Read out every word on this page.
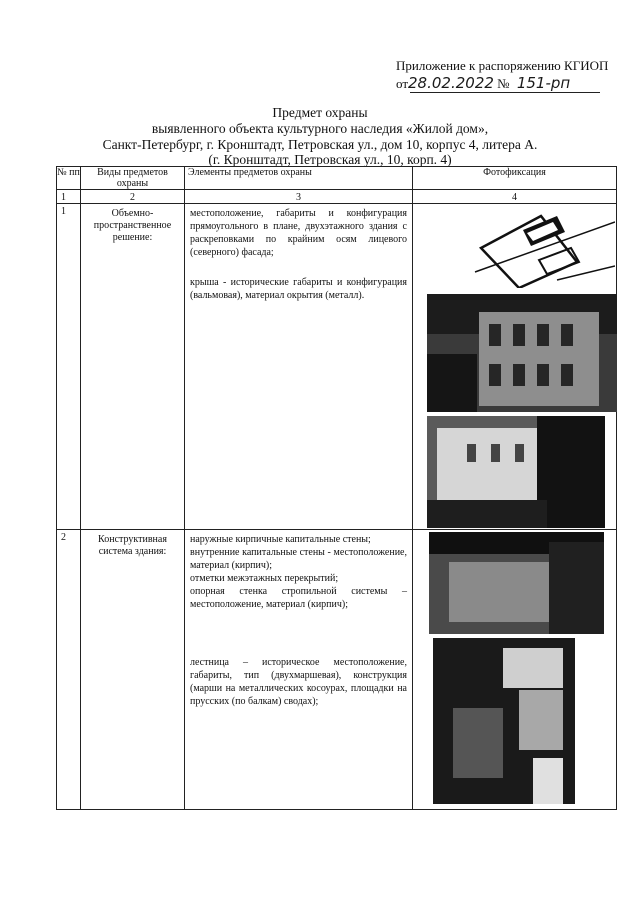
Приложение к распоряжению КГИОП
от28.02.2022 № 151-рп
Предмет охраны
выявленного объекта культурного наследия «Жилой дом»,
Санкт-Петербург, г. Кронштадт, Петровская ул., дом 10, корпус 4, литера А.
(г. Кронштадт, Петровская ул., 10, корп. 4)
№ пп	Виды предметов охраны	Элементы предметов охраны	Фотофиксация
1	2	3	4
1	Объемно-пространственное решение:	местоположение, габариты и конфигурация прямоугольного в плане, двухэтажного здания с раскреповками по крайним осям лицевого (северного) фасада;

крыша - исторические габариты и конфигурация (вальмовая), материал окрытия (металл).

2	Конструктивная система здания:	наружные кирпичные капитальные стены;

внутренние капитальные стены - местоположение, материал (кирпич);

отметки межэтажных перекрытий;

опорная стенка стропильной системы – местоположение, материал (кирпич);

лестница – историческое местоположение, габариты, тип (двухмаршевая), конструкция (марши на металлических косоурах, площадки на прусских (по балкам) сводах);	
